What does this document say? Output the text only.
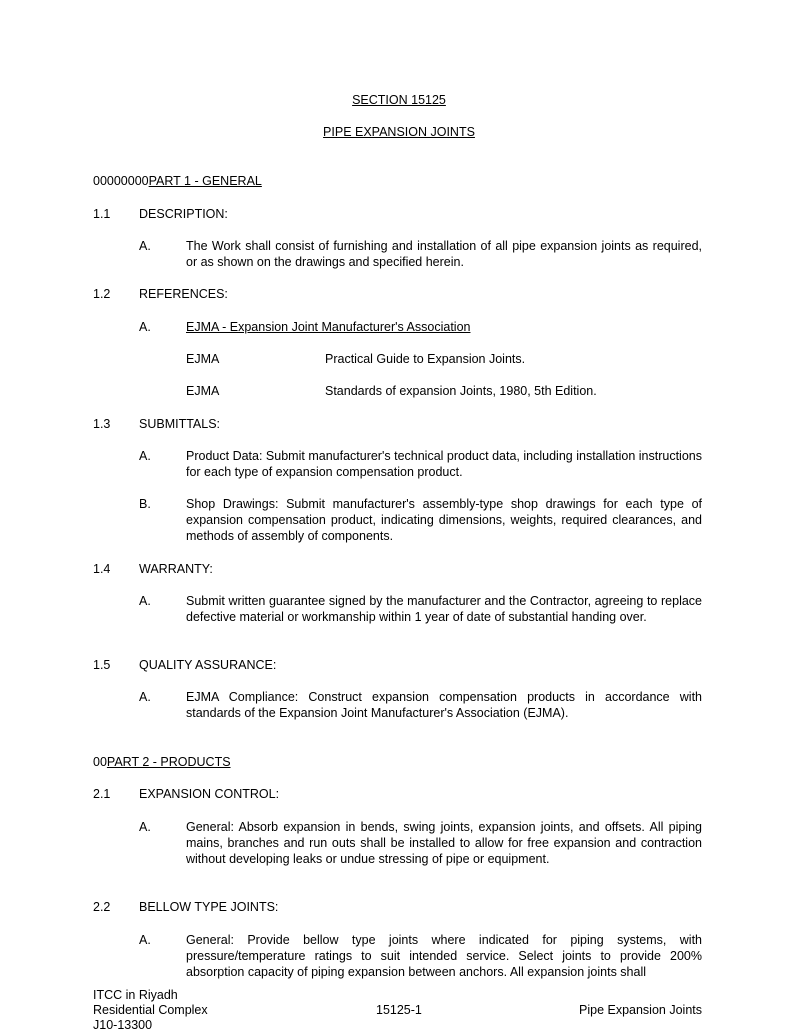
SECTION 15125
PIPE EXPANSION JOINTS
00000000PART 1 - GENERAL
1.1 DESCRIPTION:
A.	The Work shall consist of furnishing and installation of all pipe expansion joints as required, or as shown on the drawings and specified herein.
1.2 REFERENCES:
A.	EJMA - Expansion Joint Manufacturer's Association
EJMA	Practical Guide to Expansion Joints.
EJMA	Standards of expansion Joints, 1980, 5th Edition.
1.3 SUBMITTALS:
A.	Product Data: Submit manufacturer's technical product data, including installation instructions for each type of expansion compensation product.
B.	Shop Drawings: Submit manufacturer's assembly-type shop drawings for each type of expansion compensation product, indicating dimensions, weights, required clearances, and methods of assembly of components.
1.4 WARRANTY:
A.	Submit written guarantee signed by the manufacturer and the Contractor, agreeing to replace defective material or workmanship within 1 year of date of substantial handing over.
1.5 QUALITY ASSURANCE:
A.	EJMA Compliance: Construct expansion compensation products in accordance with standards of the Expansion Joint Manufacturer's Association (EJMA).
00PART 2 - PRODUCTS
2.1 EXPANSION CONTROL:
A.	General: Absorb expansion in bends, swing joints, expansion joints, and offsets. All piping mains, branches and run outs shall be installed to allow for free expansion and contraction without developing leaks or undue stressing of pipe or equipment.
2.2 BELLOW TYPE JOINTS:
A.	General: Provide bellow type joints where indicated for piping systems, with pressure/temperature ratings to suit intended service. Select joints to provide 200% absorption capacity of piping expansion between anchors. All expansion joints shall
ITCC in Riyadh
Residential Complex
J10-13300
15125-1	Pipe Expansion Joints
